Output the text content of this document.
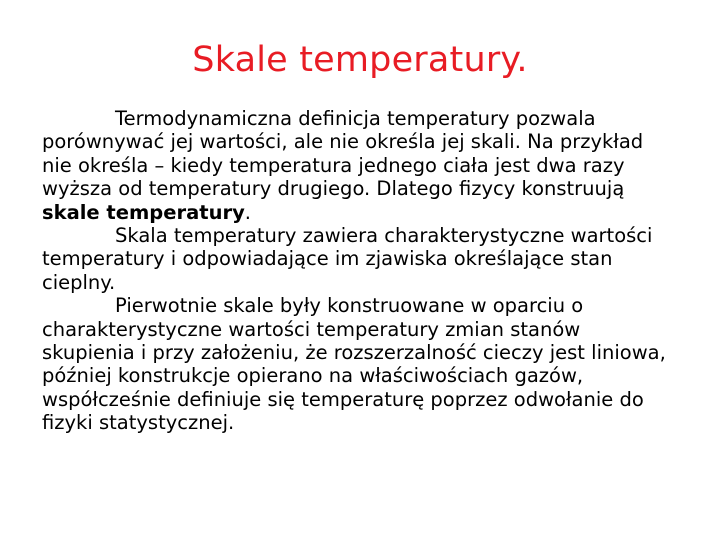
Skale temperatury.

Termodynamiczna definicja temperatury pozwala porównywać jej wartości, ale nie określa jej skali. Na przykład nie określa – kiedy temperatura jednego ciała jest dwa razy wyższa od temperatury drugiego. Dlatego fizycy konstruują skale temperatury.

Skala temperatury zawiera charakterystyczne wartości temperatury i odpowiadające im zjawiska określające stan cieplny.

Pierwotnie skale były konstruowane w oparciu o charakterystyczne wartości temperatury zmian stanów skupienia i przy założeniu, że rozszerzalność cieczy jest liniowa, później konstrukcje opierano na właściwościach gazów, współcześnie definiuje się temperaturę poprzez odwołanie do fizyki statystycznej.
